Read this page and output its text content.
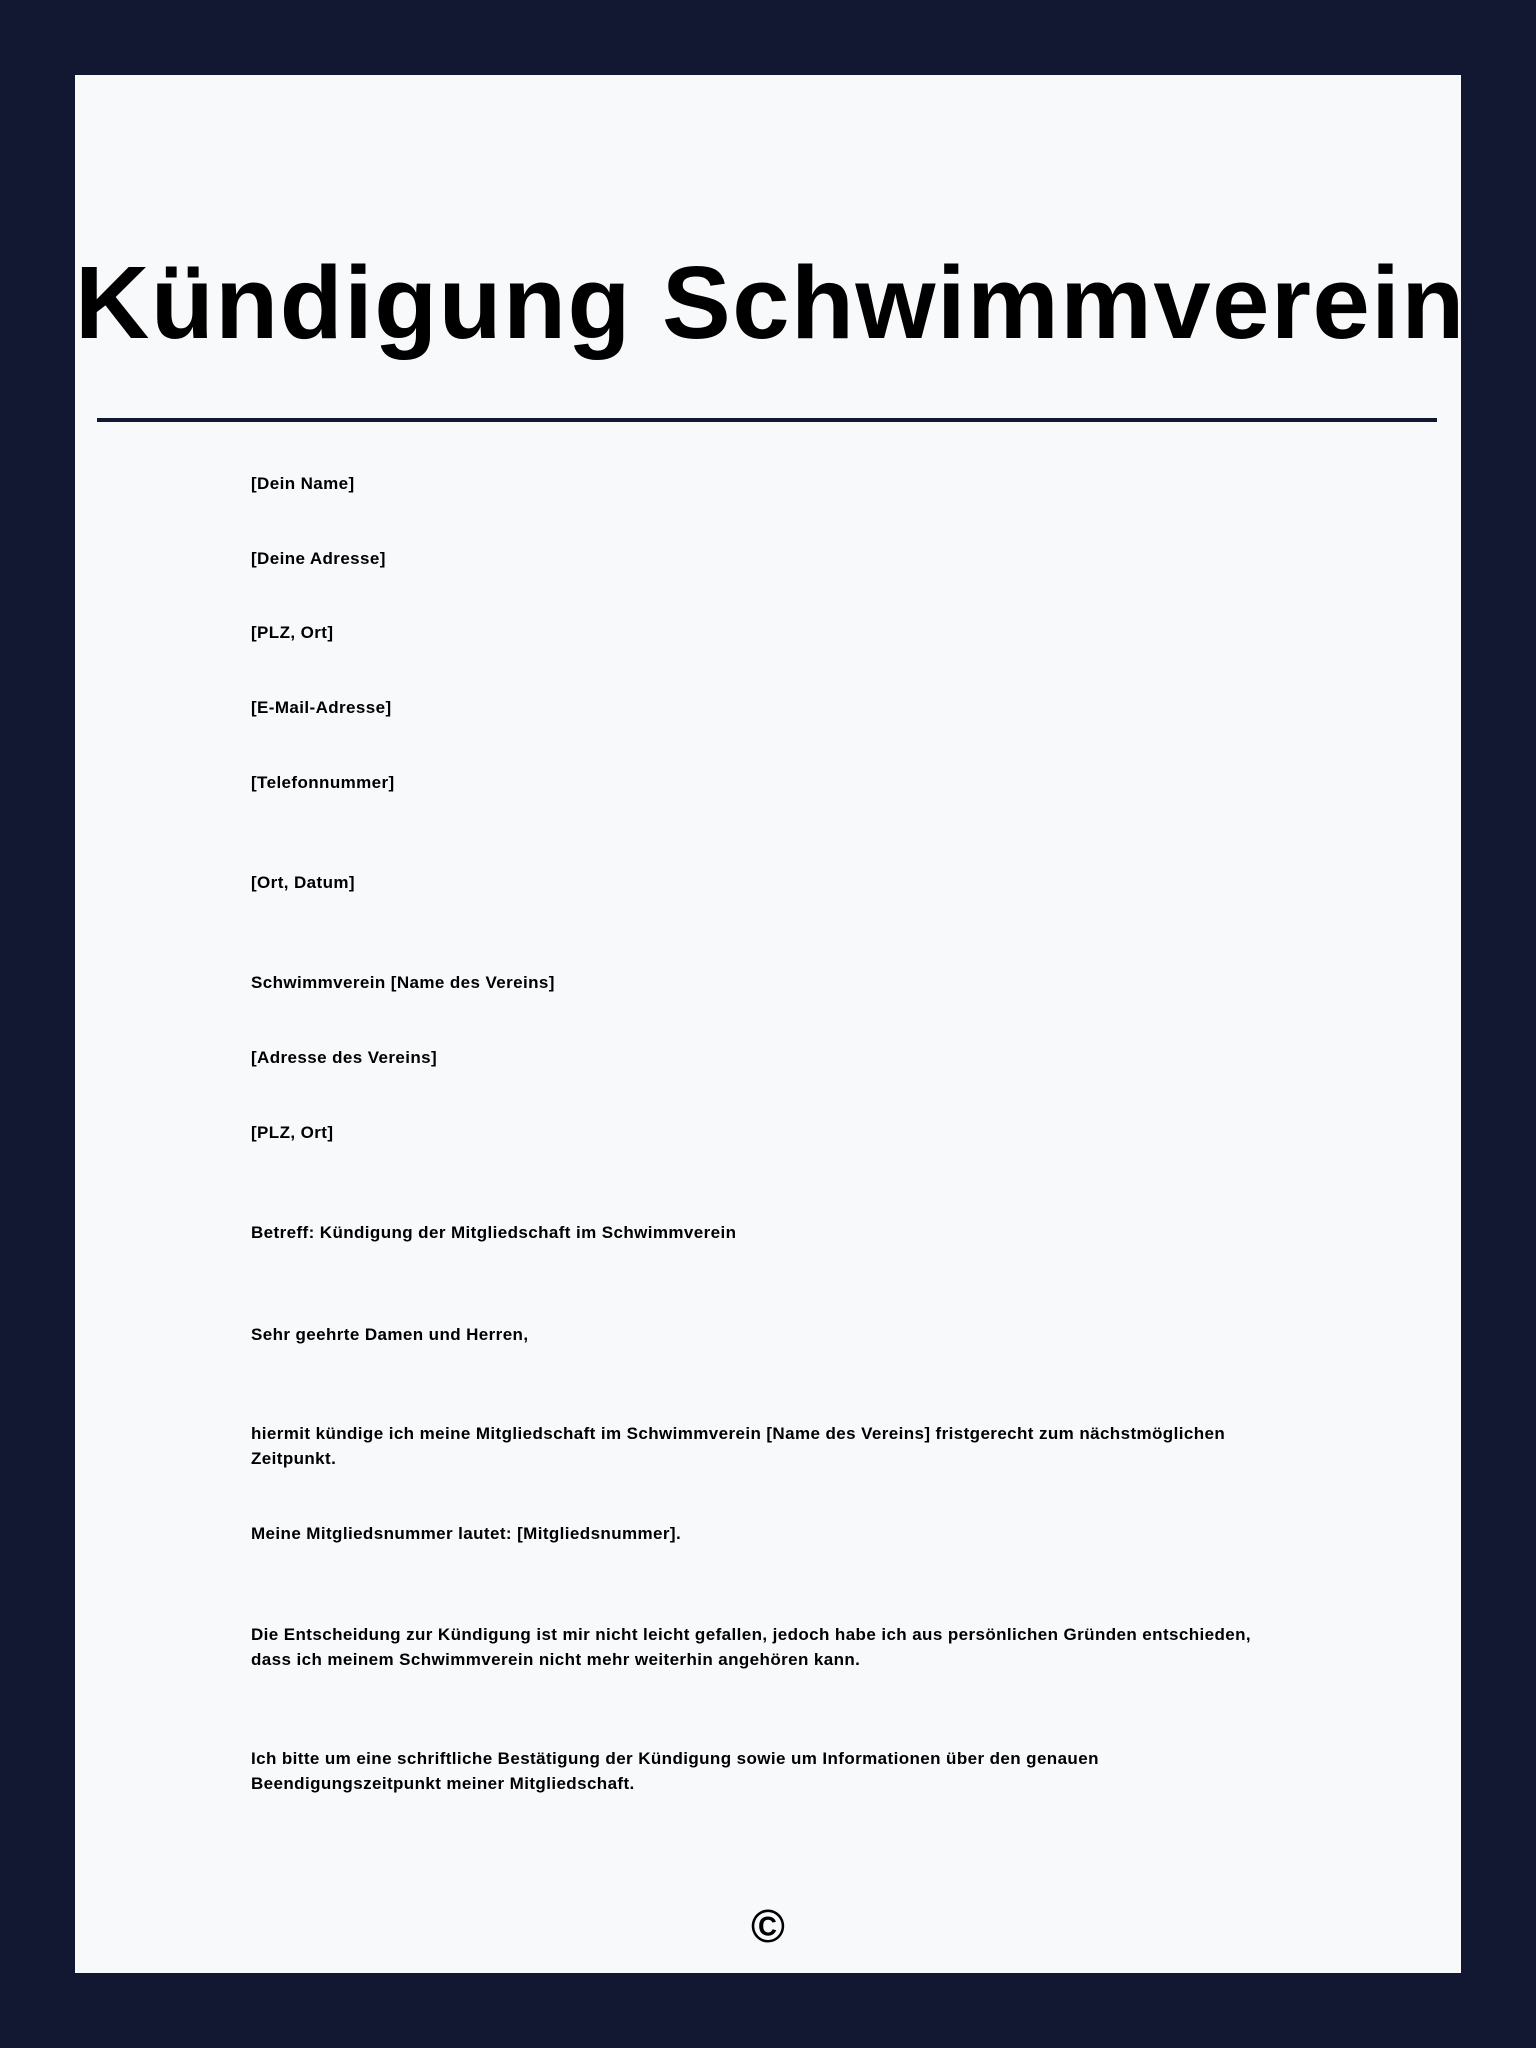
Kündigung Schwimmverein

[Dein Name]

[Deine Adresse]

[PLZ, Ort]

[E-Mail-Adresse]

[Telefonnummer]

[Ort, Datum]

Schwimmverein [Name des Vereins]

[Adresse des Vereins]

[PLZ, Ort]

Betreff: Kündigung der Mitgliedschaft im Schwimmverein

Sehr geehrte Damen und Herren,

hiermit kündige ich meine Mitgliedschaft im Schwimmverein [Name des Vereins] fristgerecht zum nächstmöglichen Zeitpunkt.

Meine Mitgliedsnummer lautet: [Mitgliedsnummer].

Die Entscheidung zur Kündigung ist mir nicht leicht gefallen, jedoch habe ich aus persönlichen Gründen entschieden, dass ich meinem Schwimmverein nicht mehr weiterhin angehören kann.

Ich bitte um eine schriftliche Bestätigung der Kündigung sowie um Informationen über den genauen Beendigungszeitpunkt meiner Mitgliedschaft.

©
